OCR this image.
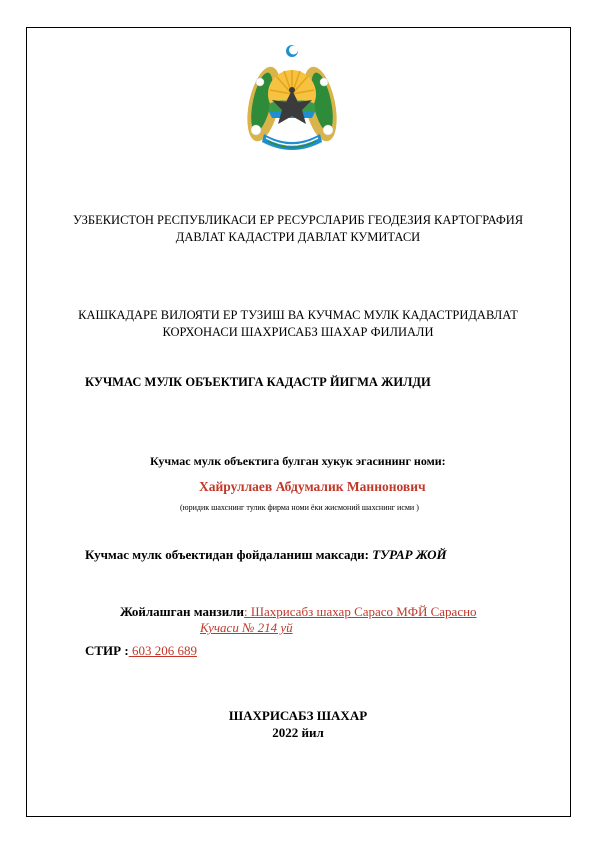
УЗБЕКИСТОН РЕСПУБЛИКАСИ ЕР РЕСУРСЛАРИБ ГЕОДЕЗИЯ КАРТОГРАФИЯ
ДАВЛАТ КАДАСТРИ ДАВЛАТ КУМИТАСИ
КАШКАДАРЕ ВИЛОЯТИ ЕР ТУЗИШ ВА КУЧМАС МУЛК КАДАСТРИДАВЛАТ
КОРХОНАСИ ШАХРИСАБЗ ШАХАР ФИЛИАЛИ
КУЧМАС МУЛК ОБЪЕКТИГА КАДАСТР ЙИГМА ЖИЛДИ
Кучмас мулк объектига булган хукук эгасининг номи:
Хайруллаев Абдумалик Маннонович
(юридик шахснинг тулик фирма номи ёки жисмоний шахснинг исми )
Кучмас мулк объектидан фойдаланиш максади: ТУРАР ЖОЙ
Жойлашган манзили: Шахрисабз шахар Сарасо МФЙ Сарасно
Кучаси № 214 уй
СТИР : 603 206 689
ШАХРИСАБЗ ШАХАР
2022 йил
